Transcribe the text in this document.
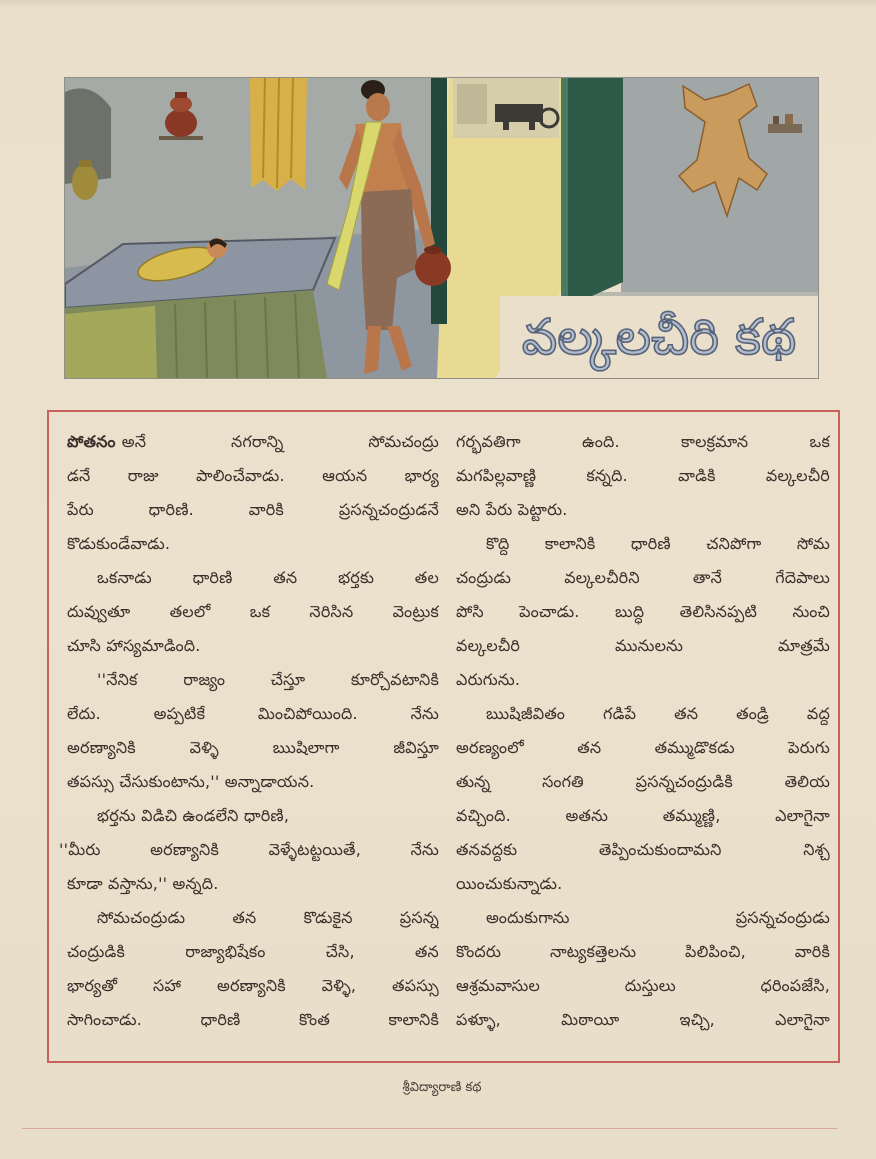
వల్కలచీరి కథ
పోతనం అనే నగరాన్ని సోమచంద్రు
డనే రాజు పాలించేవాడు. ఆయన భార్య
పేరు ధారిణి. వారికి ప్రసన్నచంద్రుడనే
కొడుకుండేవాడు.
ఒకనాడు ధారిణి తన భర్తకు తల
దువ్వుతూ తలలో ఒక నెరిసిన వెంట్రుక
చూసి హాస్యమాడింది.
''నేనిక రాజ్యం చేస్తూ కూర్చోవటానికి
లేదు. అప్పటికే మించిపోయింది. నేను
అరణ్యానికి వెళ్ళి ఋషిలాగా జీవిస్తూ
తపస్సు చేసుకుంటాను,'' అన్నాడాయన.
భర్తను విడిచి ఉండలేని ధారిణి,
''మీరు అరణ్యానికి వెళ్ళేటట్టయితే, నేను
కూడా వస్తాను,'' అన్నది.
సోమచంద్రుడు తన కొడుకైన ప్రసన్న
చంద్రుడికి రాజ్యాభిషేకం చేసి, తన
భార్యతో సహా అరణ్యానికి వెళ్ళి, తపస్సు
సాగించాడు. ధారిణి కొంత కాలానికి
గర్భవతిగా ఉంది. కాలక్రమాన ఒక
మగపిల్లవాణ్ణి కన్నది. వాడికి వల్కలచీరి
అని పేరు పెట్టారు.
కొద్ది కాలానికి ధారిణి చనిపోగా సోమ
చంద్రుడు వల్కలచీరిని తానే గేదెపాలు
పోసి పెంచాడు. బుద్ధి తెలిసినప్పటి నుంచి
వల్కలచీరి మునులను మాత్రమే
ఎరుగును.
ఋషిజీవితం గడిపే తన తండ్రి వద్ద
అరణ్యంలో తన తమ్ముడొకడు పెరుగు
తున్న సంగతి ప్రసన్నచంద్రుడికి తెలియ
వచ్చింది. అతను తమ్ముణ్ణి, ఎలాగైనా
తనవద్దకు తెప్పించుకుందామని నిశ్చ
యించుకున్నాడు.
అందుకుగాను ప్రసన్నచంద్రుడు
కొందరు నాట్యకత్తెలను పిలిపించి, వారికి
ఆశ్రమవాసుల దుస్తులు ధరింపజేసి,
పళ్ళూ, మిఠాయీ ఇచ్చి, ఎలాగైనా
శ్రీవిద్యారాణి కథ
